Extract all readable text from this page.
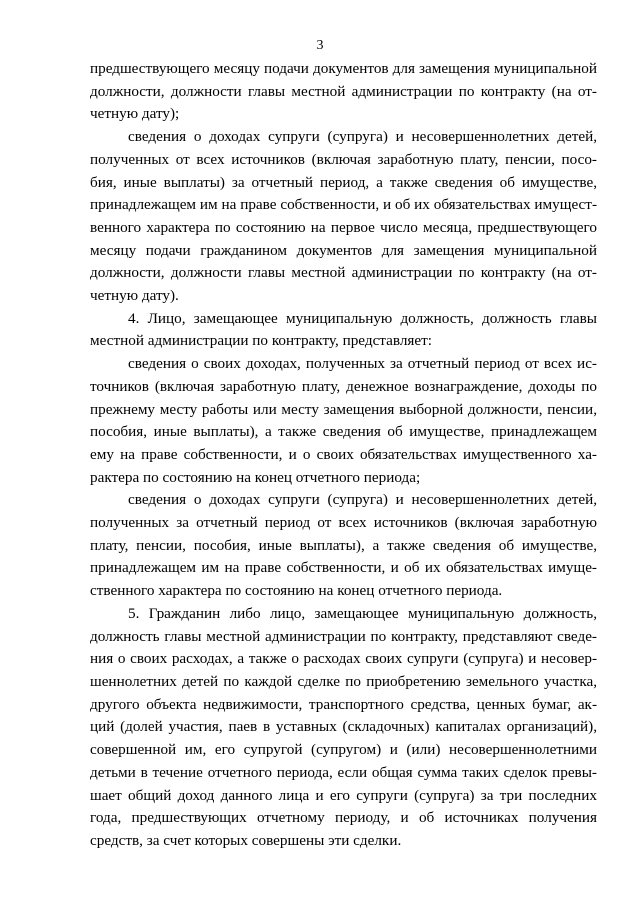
3

предшествующего месяцу подачи документов для замещения муниципальной
должности, должности главы местной администрации по контракту (на от-
четную дату);

сведения о доходах супруги (супруга) и несовершеннолетних детей,
полученных от всех источников (включая заработную плату, пенсии, посо-
бия, иные выплаты) за отчетный период, а также сведения об имуществе,
принадлежащем им на праве собственности, и об их обязательствах имущест-
венного характера по состоянию на первое число месяца, предшествующего
месяцу подачи гражданином документов для замещения муниципальной
должности, должности главы местной администрации по контракту (на от-
четную дату).

4. Лицо, замещающее муниципальную должность, должность главы
местной администрации по контракту, представляет:

сведения о своих доходах, полученных за отчетный период от всех ис-
точников (включая заработную плату, денежное вознаграждение, доходы по
прежнему месту работы или месту замещения выборной должности, пенсии,
пособия, иные выплаты), а также сведения об имуществе, принадлежащем
ему на праве собственности, и о своих обязательствах имущественного ха-
рактера по состоянию на конец отчетного периода;

сведения о доходах супруги (супруга) и несовершеннолетних детей,
полученных за отчетный период от всех источников (включая заработную
плату, пенсии, пособия, иные выплаты), а также сведения об имуществе,
принадлежащем им на праве собственности, и об их обязательствах имуще-
ственного характера по состоянию на конец отчетного периода.

5. Гражданин либо лицо, замещающее муниципальную должность,
должность главы местной администрации по контракту, представляют сведе-
ния о своих расходах, а также о расходах своих супруги (супруга) и несовер-
шеннолетних детей по каждой сделке по приобретению земельного участка,
другого объекта недвижимости, транспортного средства, ценных бумаг, ак-
ций (долей участия, паев в уставных (складочных) капиталах организаций),
совершенной им, его супругой (супругом) и (или) несовершеннолетними
детьми в течение отчетного периода, если общая сумма таких сделок превы-
шает общий доход данного лица и его супруги (супруга) за три последних
года, предшествующих отчетному периоду, и об источниках получения
средств, за счет которых совершены эти сделки.
